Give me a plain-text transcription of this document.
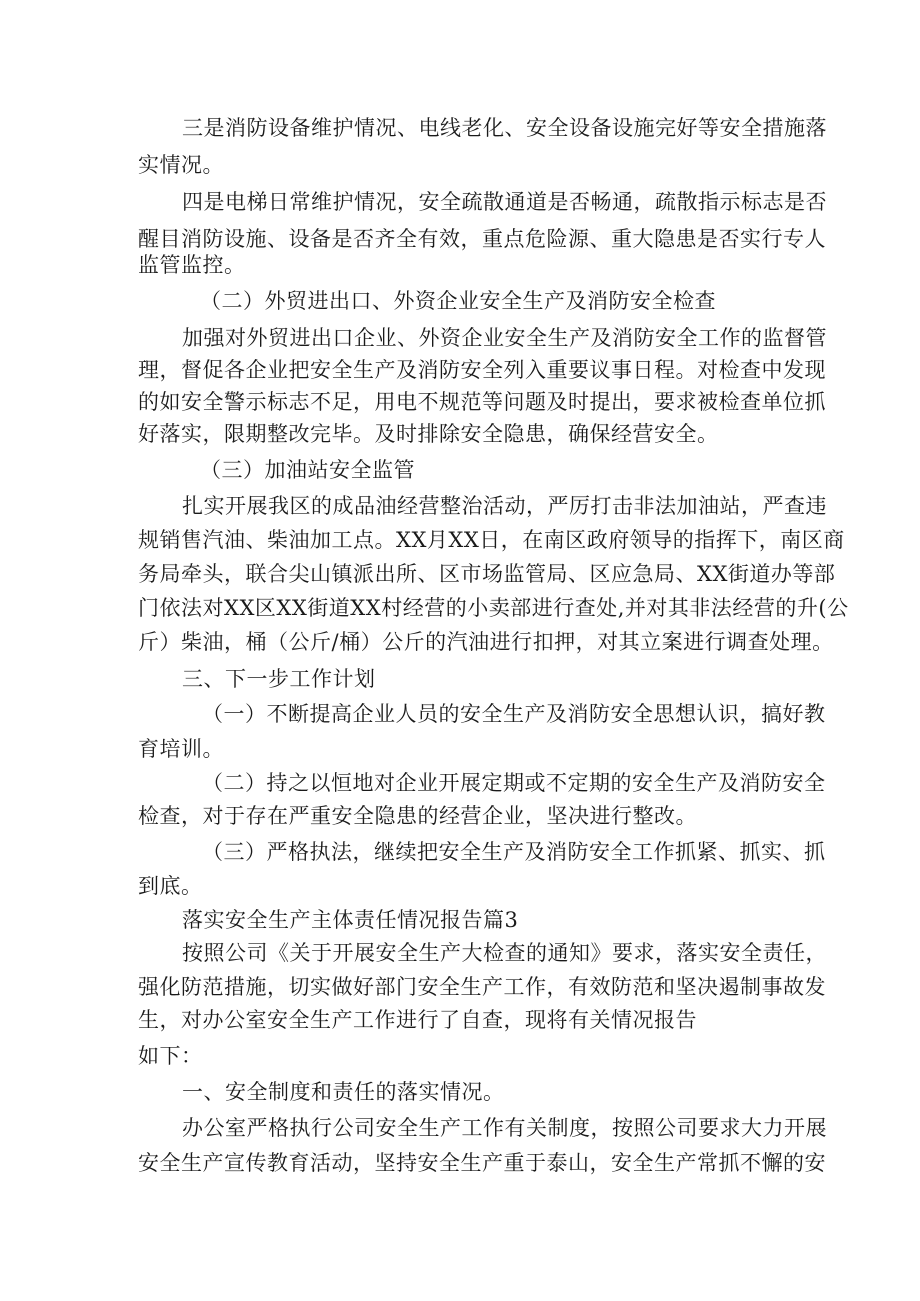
三是消防设备维护情况、电线老化、安全设备设施完好等安全措施落
实情况。
四是电梯日常维护情况，安全疏散通道是否畅通，疏散指示标志是否
醒目消防设施、设备是否齐全有效，重点危险源、重大隐患是否实行专人
监管监控。
（二）外贸进出口、外资企业安全生产及消防安全检查
加强对外贸进出口企业、外资企业安全生产及消防安全工作的监督管
理，督促各企业把安全生产及消防安全列入重要议事日程。对检查中发现
的如安全警示标志不足，用电不规范等问题及时提出，要求被检查单位抓
好落实，限期整改完毕。及时排除安全隐患，确保经营安全。
（三）加油站安全监管
扎实开展我区的成品油经营整治活动，严厉打击非法加油站，严查违
规销售汽油、柴油加工点。XX月XX日，在南区政府领导的指挥下，南区商
务局牵头，联合尖山镇派出所、区市场监管局、区应急局、XX街道办等部
门依法对XX区XX街道XX村经营的小卖部进行查处,并对其非法经营的升(公
斤）柴油，桶（公斤/桶）公斤的汽油进行扣押，对其立案进行调查处理。
三、下一步工作计划
（一）不断提高企业人员的安全生产及消防安全思想认识，搞好教
育培训。
（二）持之以恒地对企业开展定期或不定期的安全生产及消防安全
检查，对于存在严重安全隐患的经营企业，坚决进行整改。
（三）严格执法，继续把安全生产及消防安全工作抓紧、抓实、抓
到底。
落实安全生产主体责任情况报告篇3
按照公司《关于开展安全生产大检查的通知》要求，落实安全责任，
强化防范措施，切实做好部门安全生产工作，有效防范和坚决遏制事故发
生，对办公室安全生产工作进行了自查，现将有关情况报告
如下：
一、安全制度和责任的落实情况。
办公室严格执行公司安全生产工作有关制度，按照公司要求大力开展
安全生产宣传教育活动，坚持安全生产重于泰山，安全生产常抓不懈的安
